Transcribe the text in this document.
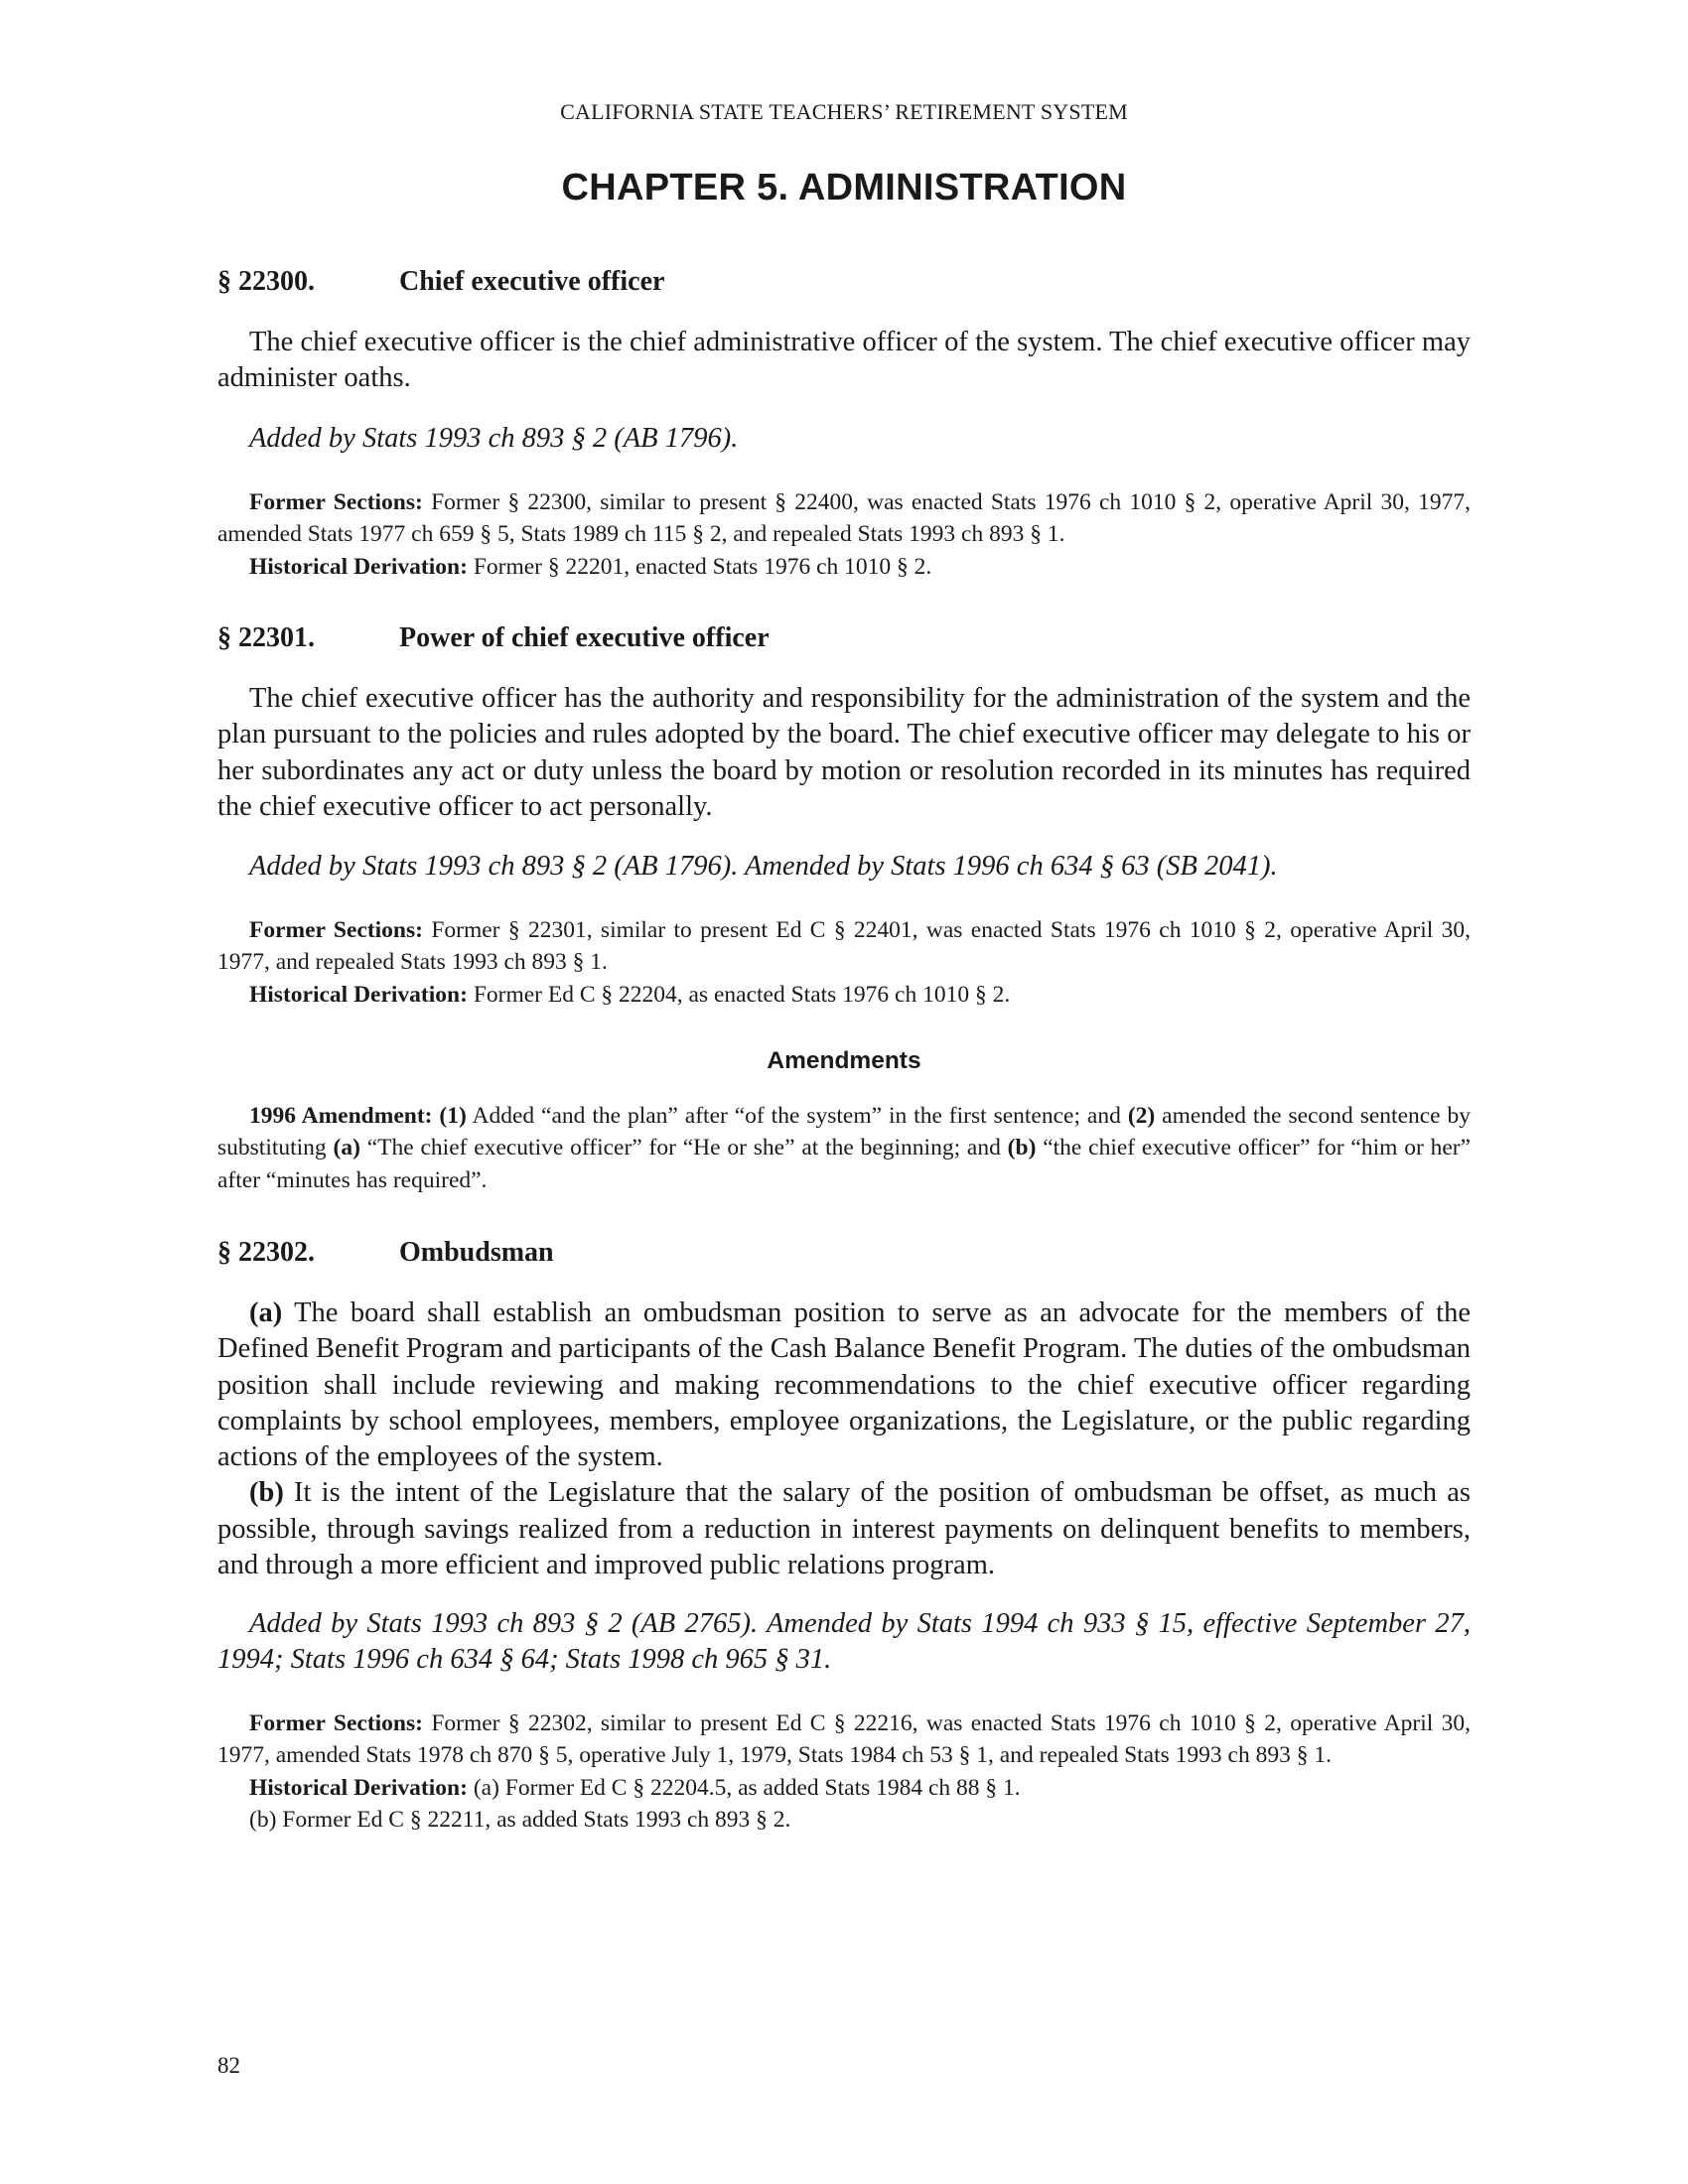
CALIFORNIA STATE TEACHERS’ RETIREMENT SYSTEM
CHAPTER 5. ADMINISTRATION
§ 22300.	Chief executive officer

The chief executive officer is the chief administrative officer of the system. The chief executive officer may administer oaths.

Added by Stats 1993 ch 893 § 2 (AB 1796).

Former Sections: Former § 22300, similar to present § 22400, was enacted Stats 1976 ch 1010 § 2, operative April 30, 1977, amended Stats 1977 ch 659 § 5, Stats 1989 ch 115 § 2, and repealed Stats 1993 ch 893 § 1.

Historical Derivation: Former § 22201, enacted Stats 1976 ch 1010 § 2.

§ 22301.	Power of chief executive officer

The chief executive officer has the authority and responsibility for the administration of the system and the plan pursuant to the policies and rules adopted by the board. The chief executive officer may delegate to his or her subordinates any act or duty unless the board by motion or resolution recorded in its minutes has required the chief executive officer to act personally.

Added by Stats 1993 ch 893 § 2 (AB 1796). Amended by Stats 1996 ch 634 § 63 (SB 2041).

Former Sections: Former § 22301, similar to present Ed C § 22401, was enacted Stats 1976 ch 1010 § 2, operative April 30, 1977, and repealed Stats 1993 ch 893 § 1.

Historical Derivation: Former Ed C § 22204, as enacted Stats 1976 ch 1010 § 2.

Amendments

1996 Amendment: (1) Added “and the plan” after “of the system” in the first sentence; and (2) amended the second sentence by substituting (a) “The chief executive officer” for “He or she” at the beginning; and (b) “the chief executive officer” for “him or her” after “minutes has required”.

§ 22302.	Ombudsman

(a) The board shall establish an ombudsman position to serve as an advocate for the members of the Defined Benefit Program and participants of the Cash Balance Benefit Program. The duties of the ombudsman position shall include reviewing and making recommendations to the chief executive officer regarding complaints by school employees, members, employee organizations, the Legislature, or the public regarding actions of the employees of the system.

(b) It is the intent of the Legislature that the salary of the position of ombudsman be offset, as much as possible, through savings realized from a reduction in interest payments on delinquent benefits to members, and through a more efficient and improved public relations program.

Added by Stats 1993 ch 893 § 2 (AB 2765). Amended by Stats 1994 ch 933 § 15, effective September 27, 1994; Stats 1996 ch 634 § 64; Stats 1998 ch 965 § 31.

Former Sections: Former § 22302, similar to present Ed C § 22216, was enacted Stats 1976 ch 1010 § 2, operative April 30, 1977, amended Stats 1978 ch 870 § 5, operative July 1, 1979, Stats 1984 ch 53 § 1, and repealed Stats 1993 ch 893 § 1.

Historical Derivation: (a) Former Ed C § 22204.5, as added Stats 1984 ch 88 § 1.

(b) Former Ed C § 22211, as added Stats 1993 ch 893 § 2.

82
